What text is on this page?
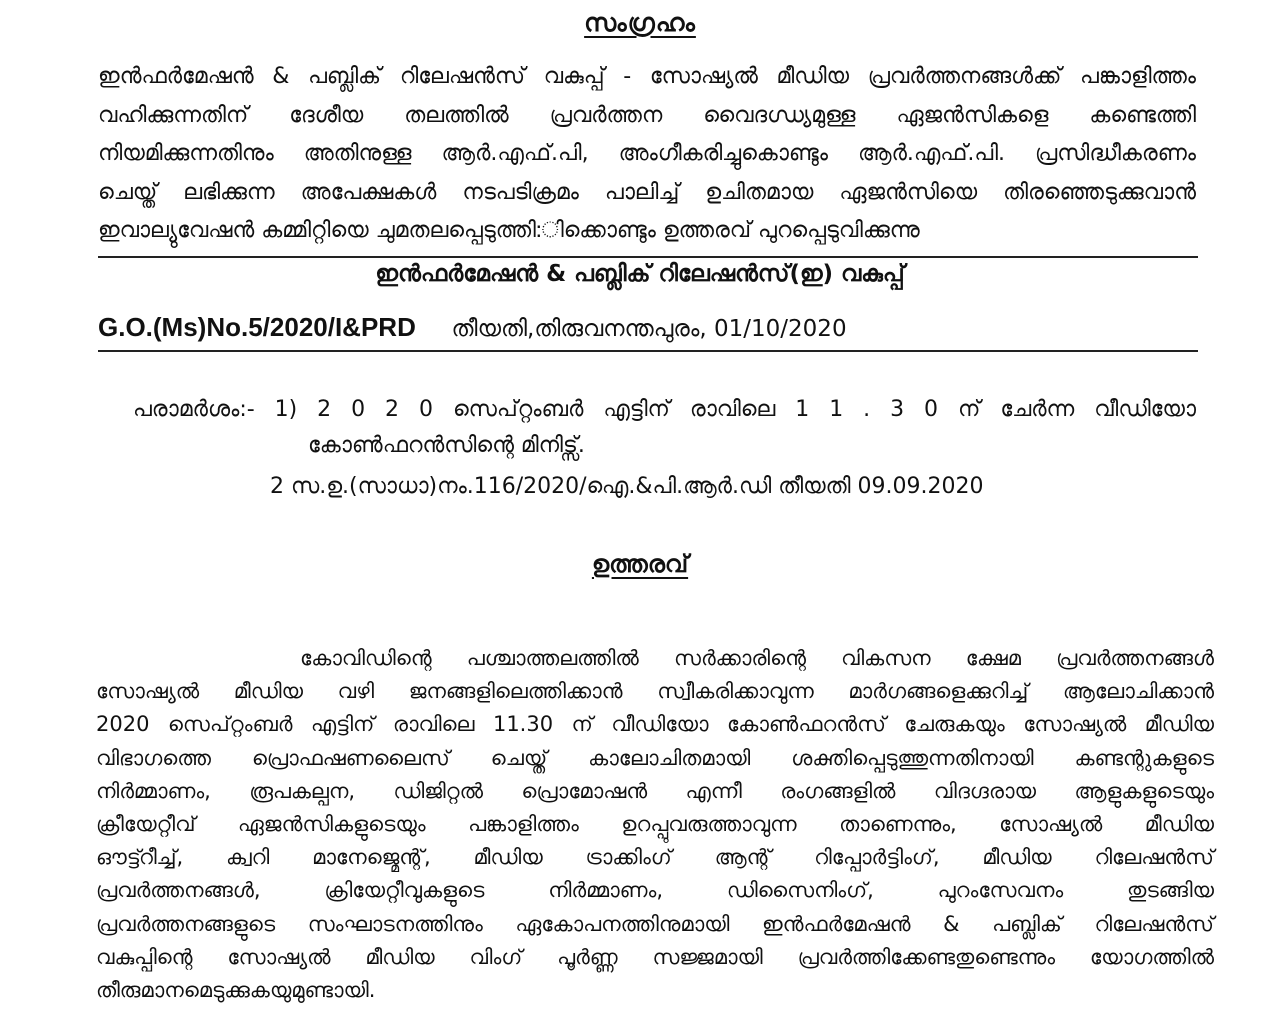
സംഗ്രഹം
ഇൻഫർമേഷൻ & പബ്ലിക് റിലേഷൻസ് വകുപ്പ് - സോഷ്യൽ മീഡിയ പ്രവർത്തനങ്ങൾക്ക് പങ്കാളിത്തം
വഹിക്കുന്നതിന് ദേശീയ തലത്തിൽ പ്രവർത്തന വൈദഗ്ധ്യമുള്ള ഏജൻസികളെ കണ്ടെത്തി
നിയമിക്കുന്നതിനും അതിനുള്ള ആർ.എഫ്.പി, അംഗീകരിച്ചുകൊണ്ടും ആർ.എഫ്.പി. പ്രസിദ്ധീകരണം
ചെയ്ത് ലഭിക്കുന്ന അപേക്ഷകൾ നടപടിക്രമം പാലിച്ച് ഉചിതമായ ഏജൻസിയെ തിരഞ്ഞെടുക്കുവാൻ
ഇവാല്യുവേഷൻ കമ്മിറ്റിയെ ചുമതലപ്പെടുത്തി:ിക്കൊണ്ടും ഉത്തരവ് പുറപ്പെടുവിക്കുന്നു
ഇൻഫർമേഷൻ & പബ്ലിക് റിലേഷൻസ്(ഇ) വകുപ്പ്
G.O.(Ms)No.5/2020/I&PRD തീയതി,തിരുവനന്തപുരം, 01/10/2020
പരാമർശം:- 1) 2 0 2 0 സെപ്റ്റംബർ എട്ടിന് രാവിലെ 1 1 . 3 0 ന് ചേർന്ന വീഡിയോ
കോൺഫറൻസിന്റെ മിനിട്സ്.
2 സ.ഉ.(സാധാ)നം.116/2020/ഐ.&പി.ആർ.ഡി തീയതി 09.09.2020
ഉത്തരവ്
കോവിഡിന്റെ പശ്ചാത്തലത്തിൽ സർക്കാരിന്റെ വികസന ക്ഷേമ പ്രവർത്തനങ്ങൾ
സോഷ്യൽ മീഡിയ വഴി ജനങ്ങളിലെത്തിക്കാൻ സ്വീകരിക്കാവുന്ന മാർഗങ്ങളെക്കുറിച്ച് ആലോചിക്കാൻ
2020 സെപ്റ്റംബർ എട്ടിന് രാവിലെ 11.30 ന് വീഡിയോ കോൺഫറൻസ് ചേരുകയും സോഷ്യൽ മീഡിയ
വിഭാഗത്തെ പ്രൊഫഷണലൈസ് ചെയ്ത് കാലോചിതമായി ശക്തിപ്പെടുത്തുന്നതിനായി കണ്ടന്റുകളുടെ
നിർമ്മാണം, രൂപകല്പന, ഡിജിറ്റൽ പ്രൊമോഷൻ എന്നീ രംഗങ്ങളിൽ വിദഗ്ദരായ ആളുകളുടെയും
ക്രീയേറ്റീവ് ഏജൻസികളുടെയും പങ്കാളിത്തം ഉറപ്പുവരുത്താവുന്ന താണെന്നും, സോഷ്യൽ മീഡിയ
ഔട്ട്റീച്ച്, ക്വറി മാനേജ്മെന്റ്, മീഡിയ ട്രാക്കിംഗ് ആന്റ് റിപ്പോർട്ടിംഗ്, മീഡിയ റിലേഷൻസ്
പ്രവർത്തനങ്ങൾ, ക്രിയേറ്റീവുകളുടെ നിർമ്മാണം, ഡിസൈനിംഗ്, പുറംസേവനം തുടങ്ങിയ
പ്രവർത്തനങ്ങളുടെ സംഘാടനത്തിനും ഏകോപനത്തിനുമായി ഇൻഫർമേഷൻ & പബ്ലിക് റിലേഷൻസ്
വകുപ്പിന്റെ സോഷ്യൽ മീഡിയ വിംഗ് പൂർണ്ണ സജ്ജമായി പ്രവർത്തിക്കേണ്ടതുണ്ടെന്നും യോഗത്തിൽ
തീരുമാനമെടുക്കുകയുമുണ്ടായി.
